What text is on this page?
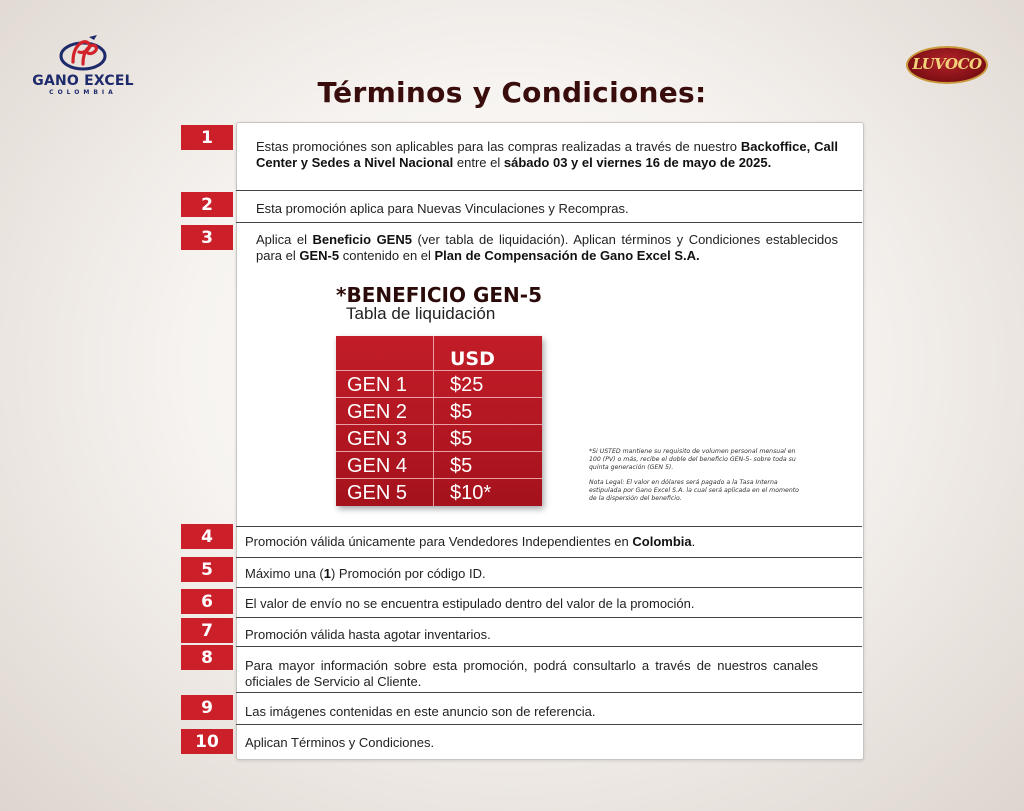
GANO EXCEL
COLOMBIA
LUVOCO
Términos y Condiciones:
1
2
3
4
5
6
7
8
9
10
Estas promociónes son aplicables para las compras realizadas a través de nuestro Backoffice, Call Center y Sedes a Nivel Nacional entre el sábado 03 y el viernes 16 de mayo de 2025.
Esta promoción aplica para Nuevas Vinculaciones y Recompras.
Aplica el Beneficio GEN5 (ver tabla de liquidación). Aplican términos y Condiciones establecidos para el GEN-5 contenido en el Plan de Compensación de Gano Excel S.A.
Promoción válida únicamente para Vendedores Independientes en Colombia.
Máximo una (1) Promoción por código ID.
El valor de envío no se encuentra estipulado dentro del valor de la promoción.
Promoción válida hasta agotar inventarios.
Para mayor información sobre esta promoción, podrá consultarlo a través de nuestros canales oficiales de Servicio al Cliente.
Las imágenes contenidas en este anuncio son de referencia.
Aplican Términos y Condiciones.
*BENEFICIO GEN-5
Tabla de liquidación
USD
GEN 1 $25
GEN 2 $5
GEN 3 $5
GEN 4 $5
GEN 5 $10*
*Si USTED mantiene su requisito de volumen personal mensual en 100 (PV) o más, recibe el doble del beneficio GEN-5- sobre toda su quinta generación (GEN 5).
Nota Legal: El valor en dólares será pagado a la Tasa Interna estipulada por Gano Excel S.A. la cual será aplicada en el momento de la dispersión del beneficio.
